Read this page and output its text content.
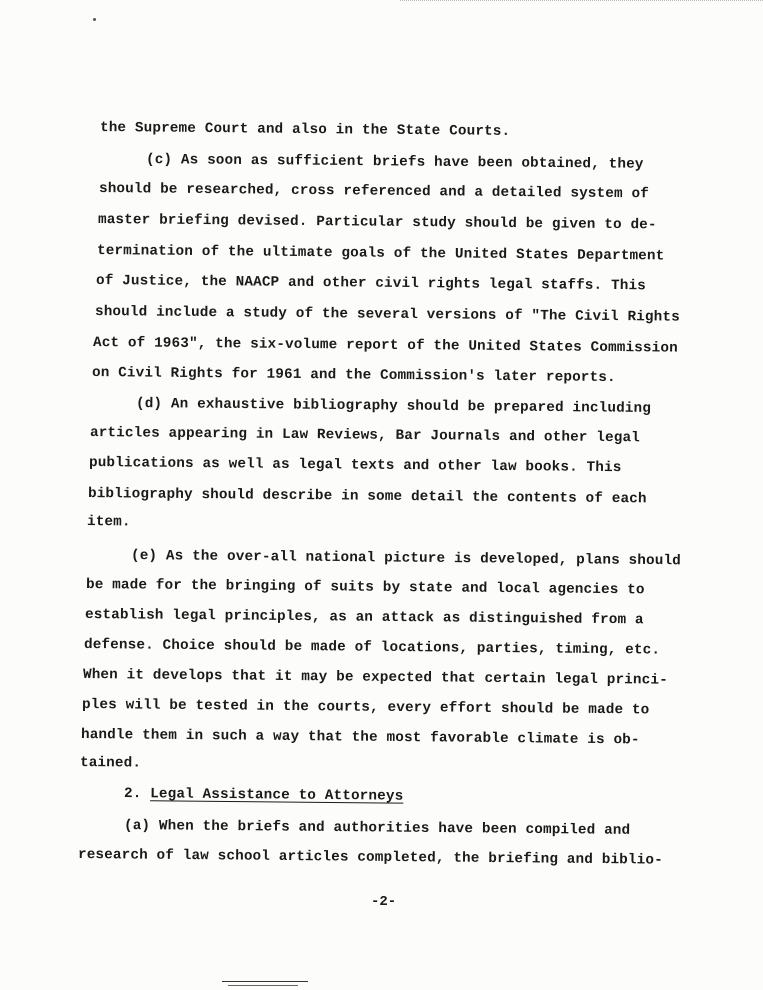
the Supreme Court and also in the State Courts.
(c) As soon as sufficient briefs have been obtained, they
should be researched, cross referenced and a detailed system of
master briefing devised. Particular study should be given to de-
termination of the ultimate goals of the United States Department
of Justice, the NAACP and other civil rights legal staffs. This
should include a study of the several versions of "The Civil Rights
Act of 1963", the six-volume report of the United States Commission
on Civil Rights for 1961 and the Commission's later reports.
(d) An exhaustive bibliography should be prepared including
articles appearing in Law Reviews, Bar Journals and other legal
publications as well as legal texts and other law books. This
bibliography should describe in some detail the contents of each
item.
(e) As the over-all national picture is developed, plans should
be made for the bringing of suits by state and local agencies to
establish legal principles, as an attack as distinguished from a
defense. Choice should be made of locations, parties, timing, etc.
When it develops that it may be expected that certain legal princi-
ples will be tested in the courts, every effort should be made to
handle them in such a way that the most favorable climate is ob-
tained.
2. Legal Assistance to Attorneys
(a) When the briefs and authorities have been compiled and
research of law school articles completed, the briefing and biblio-
-2-
